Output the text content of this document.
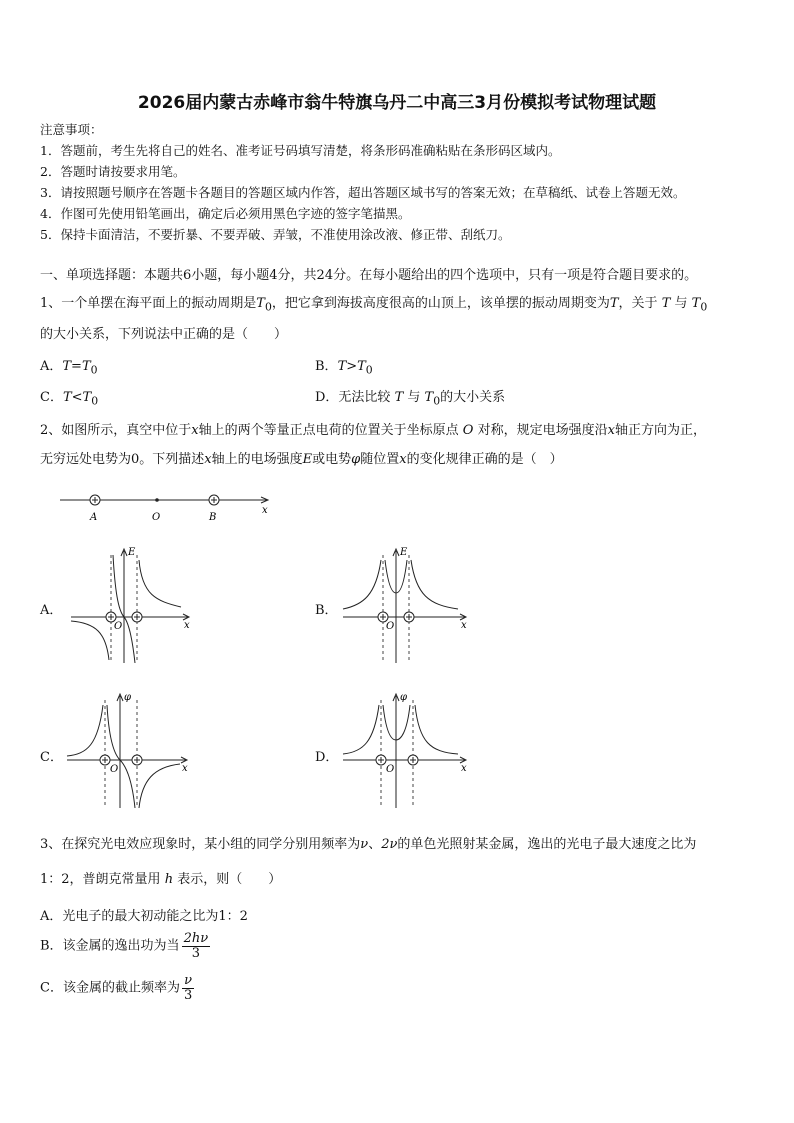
2026届内蒙古赤峰市翁牛特旗乌丹二中高三3月份模拟考试物理试题
注意事项：
1．答题前，考生先将自己的姓名、准考证号码填写清楚，将条形码准确粘贴在条形码区域内。
2．答题时请按要求用笔。
3．请按照题号顺序在答题卡各题目的答题区域内作答，超出答题区域书写的答案无效；在草稿纸、试卷上答题无效。
4．作图可先使用铅笔画出，确定后必须用黑色字迹的签字笔描黑。
5．保持卡面清洁，不要折暴、不要弄破、弄皱，不准使用涂改液、修正带、刮纸刀。
一、单项选择题：本题共6小题，每小题4分，共24分。在每小题给出的四个选项中，只有一项是符合题目要求的。
1、一个单摆在海平面上的振动周期是$T_0$，把它拿到海拔高度很高的山顶上，该单摆的振动周期变为T，关于 T 与 $T_0$
的大小关系，下列说法中正确的是（　　）
A．$T=T_0$	B．$T>T_0$
C．$T<T_0$	D．无法比较 T 与 $T_0$的大小关系
2、如图所示，真空中位于x轴上的两个等量正点电荷的位置关于坐标原点 O 对称，规定电场强度沿x轴正方向为正，
无穷远处电势为0。下列描述x轴上的电场强度E或电势φ随位置x的变化规律正确的是（　）
A	O	B
x
A．
E
x
O
B．
E
x
O
C．
φ
x
O
D．
φ
x
O
3、在探究光电效应现象时，某小组的同学分别用频率为ν、2ν的单色光照射某金属，逸出的光电子最大速度之比为
1：2，普朗克常量用 h 表示，则（　　）
A．光电子的最大初动能之比为1：2
B．该金属的逸出功为当 $\frac{2h\nu}{3}$
C．该金属的截止频率为 $\frac{\nu}{3}$
